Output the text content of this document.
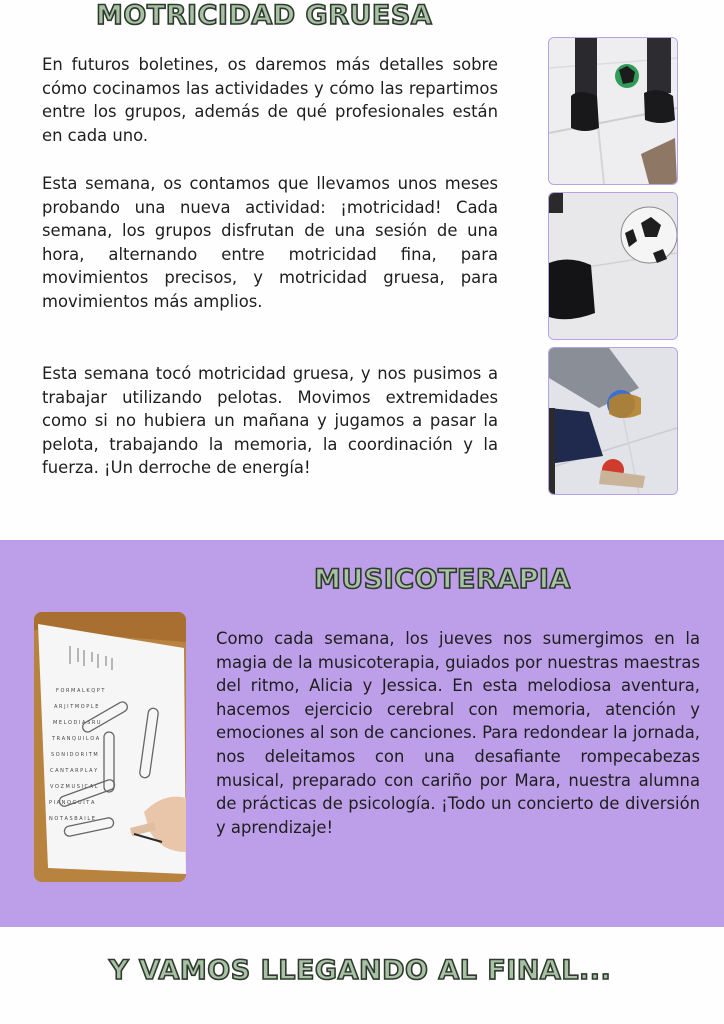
MOTRICIDAD GRUESA

En futuros boletines, os daremos más detalles sobre cómo cocinamos las actividades y cómo las repartimos entre los grupos, además de qué profesionales están en cada uno.

Esta semana, os contamos que llevamos unos meses probando una nueva actividad: ¡motricidad! Cada semana, los grupos disfrutan de una sesión de una hora, alternando entre motricidad fina, para movimientos precisos, y motricidad gruesa, para movimientos más amplios.

Esta semana tocó motricidad gruesa, y nos pusimos a trabajar utilizando pelotas. Movimos extremidades como si no hubiera un mañana y jugamos a pasar la pelota, trabajando la memoria, la coordinación y la fuerza. ¡Un derroche de energía!

MUSICOTERAPIA
F O R M A L K Q P T
A R J I T M O P L E
M E L O D I A S R U
T R A N Q U I L O A
S O N I D O R I T M
C A N T A R P L A Y
V O Z M U S I C A L
P I A N O G U I T A
N O T A S B A I L E

Como cada semana, los jueves nos sumergimos en la magia de la musicoterapia, guiados por nuestras maestras del ritmo, Alicia y Jessica. En esta melodiosa aventura, hacemos ejercicio cerebral con memoria, atención y emociones al son de canciones. Para redondear la jornada, nos deleitamos con una desafiante rompecabezas musical, preparado con cariño por Mara, nuestra alumna de prácticas de psicología. ¡Todo un concierto de diversión y aprendizaje!

Y VAMOS LLEGANDO AL FINAL...
